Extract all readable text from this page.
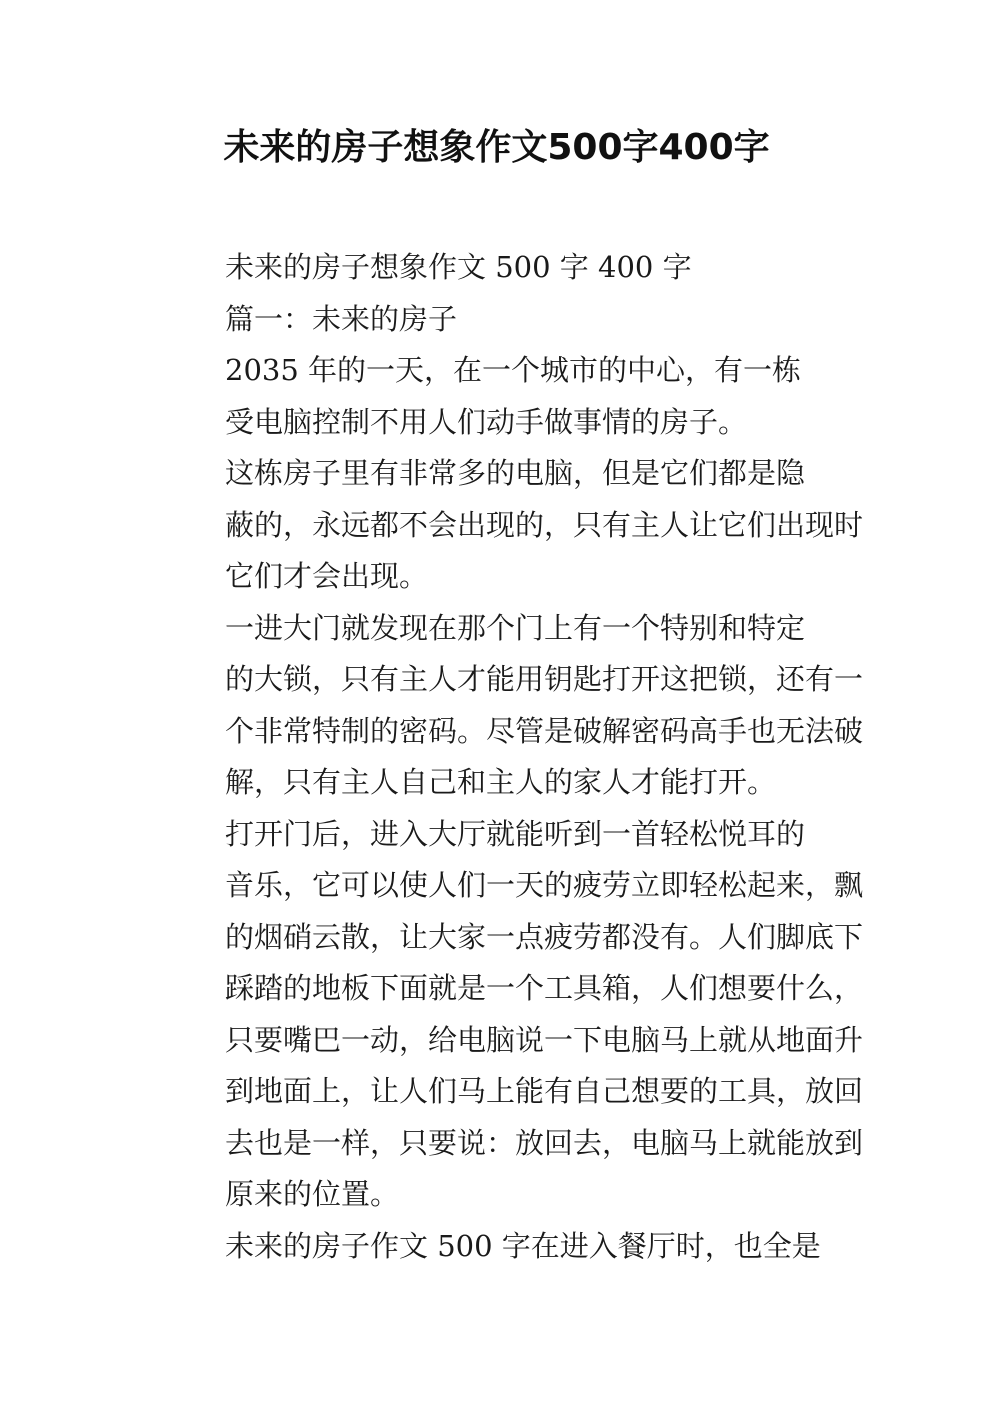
未来的房子想象作文500字400字

未来的房子想象作文 500 字 400 字

篇一：未来的房子

2035 年的一天，在一个城市的中心，有一栋
受电脑控制不用人们动手做事情的房子。

这栋房子里有非常多的电脑，但是它们都是隐
蔽的，永远都不会出现的，只有主人让它们出现时
它们才会出现。

一进大门就发现在那个门上有一个特别和特定
的大锁，只有主人才能用钥匙打开这把锁，还有一
个非常特制的密码。尽管是破解密码高手也无法破
解，只有主人自己和主人的家人才能打开。

打开门后，进入大厅就能听到一首轻松悦耳的
音乐，它可以使人们一天的疲劳立即轻松起来，飘
的烟硝云散，让大家一点疲劳都没有。人们脚底下
踩踏的地板下面就是一个工具箱，人们想要什么，
只要嘴巴一动，给电脑说一下电脑马上就从地面升
到地面上，让人们马上能有自己想要的工具，放回
去也是一样，只要说：放回去，电脑马上就能放到
原来的位置。

未来的房子作文 500 字在进入餐厅时，也全是
